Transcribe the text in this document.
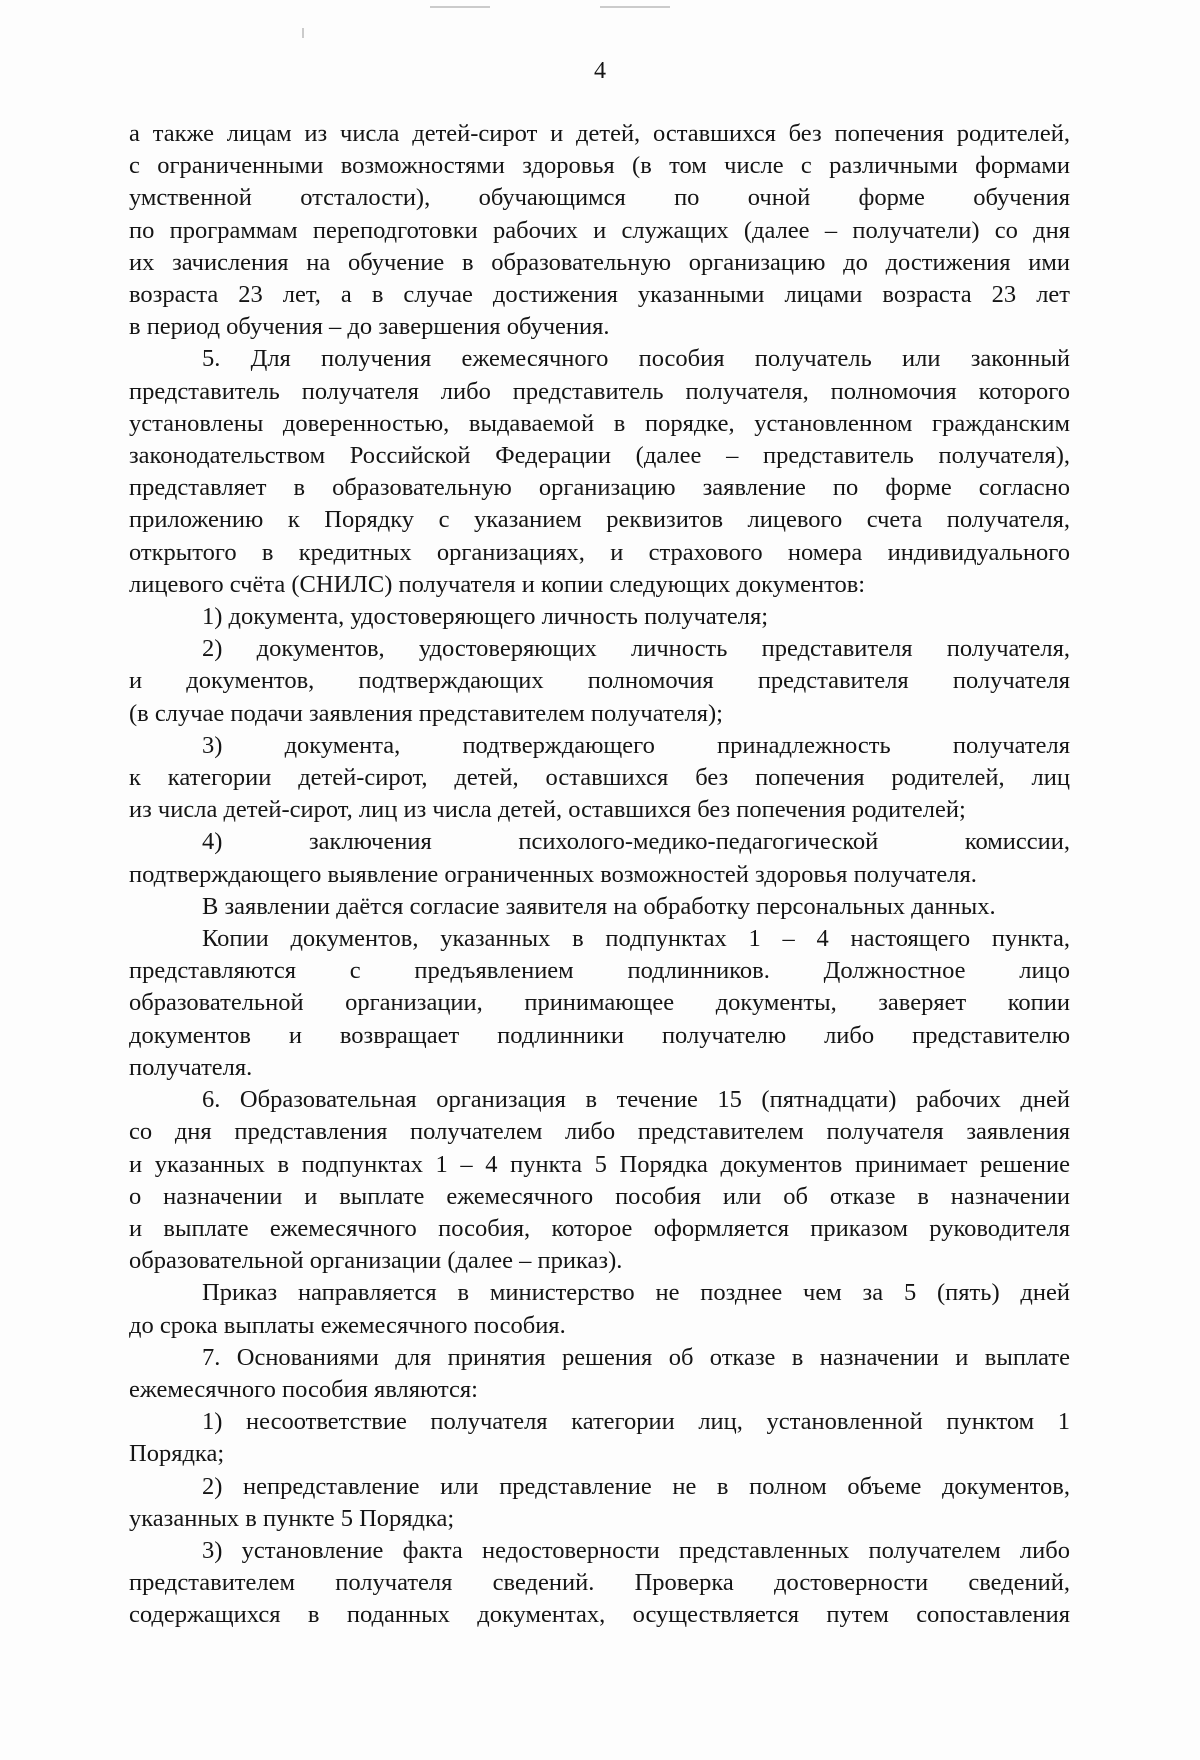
4
а также лицам из числа детей-сирот и детей, оставшихся без попечения родителей,
с ограниченными возможностями здоровья (в том числе с различными формами
умственной отсталости), обучающимся по очной форме обучения
по программам переподготовки рабочих и служащих (далее – получатели) со дня
их зачисления на обучение в образовательную организацию до достижения ими
возраста 23 лет, а в случае достижения указанными лицами возраста 23 лет
в период обучения – до завершения обучения.
5. Для получения ежемесячного пособия получатель или законный
представитель получателя либо представитель получателя, полномочия которого
установлены доверенностью, выдаваемой в порядке, установленном гражданским
законодательством Российской Федерации (далее – представитель получателя),
представляет в образовательную организацию заявление по форме согласно
приложению к Порядку с указанием реквизитов лицевого счета получателя,
открытого в кредитных организациях, и страхового номера индивидуального
лицевого счёта (СНИЛС) получателя и копии следующих документов:
1) документа, удостоверяющего личность получателя;
2) документов, удостоверяющих личность представителя получателя,
и документов, подтверждающих полномочия представителя получателя
(в случае подачи заявления представителем получателя);
3) документа, подтверждающего принадлежность получателя
к категории детей-сирот, детей, оставшихся без попечения родителей, лиц
из числа детей-сирот, лиц из числа детей, оставшихся без попечения родителей;
4) заключения психолого-медико-педагогической комиссии,
подтверждающего выявление ограниченных возможностей здоровья получателя.
В заявлении даётся согласие заявителя на обработку персональных данных.
Копии документов, указанных в подпунктах 1 – 4 настоящего пункта,
представляются с предъявлением подлинников. Должностное лицо
образовательной организации, принимающее документы, заверяет копии
документов и возвращает подлинники получателю либо представителю
получателя.
6. Образовательная организация в течение 15 (пятнадцати) рабочих дней
со дня представления получателем либо представителем получателя заявления
и указанных в подпунктах 1 – 4 пункта 5 Порядка документов принимает решение
о назначении и выплате ежемесячного пособия или об отказе в назначении
и выплате ежемесячного пособия, которое оформляется приказом руководителя
образовательной организации (далее – приказ).
Приказ направляется в министерство не позднее чем за 5 (пять) дней
до срока выплаты ежемесячного пособия.
7. Основаниями для принятия решения об отказе в назначении и выплате
ежемесячного пособия являются:
1) несоответствие получателя категории лиц, установленной пунктом 1
Порядка;
2) непредставление или представление не в полном объеме документов,
указанных в пункте 5 Порядка;
3) установление факта недостоверности представленных получателем либо
представителем получателя сведений. Проверка достоверности сведений,
содержащихся в поданных документах, осуществляется путем сопоставления
